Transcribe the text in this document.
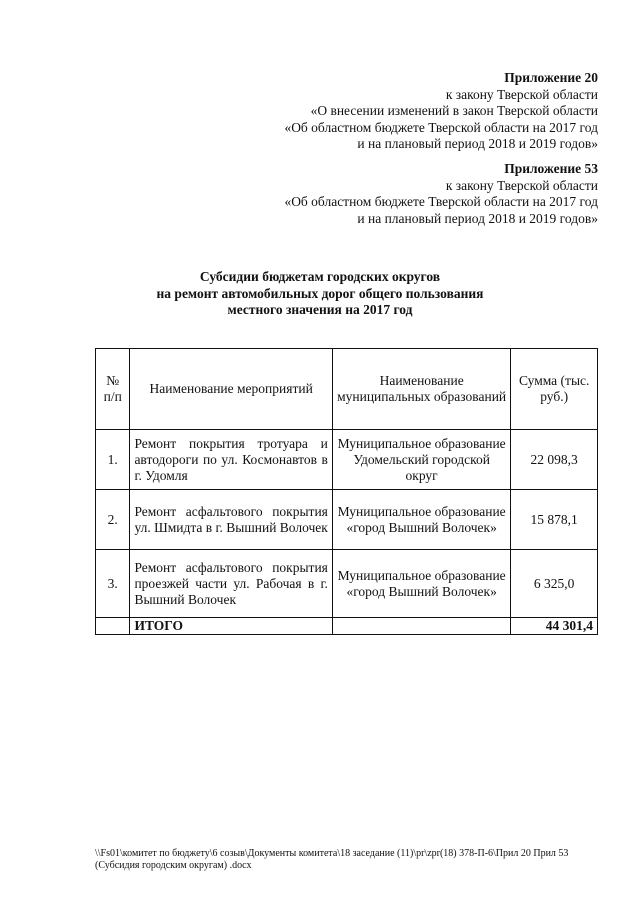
Приложение 20
к закону Тверской области
«О внесении изменений в закон Тверской области
«Об областном бюджете Тверской области на 2017 год
и на плановый период 2018 и 2019 годов»
Приложение 53
к закону Тверской области
«Об областном бюджете Тверской области на 2017 год
и на плановый период 2018 и 2019 годов»
Субсидии бюджетам городских округов
на ремонт автомобильных дорог общего пользования
местного значения на 2017 год
№ п/п	Наименование мероприятий	Наименование муниципальных образований	Сумма (тыс. руб.)
1.	Ремонт покрытия тротуара и автодороги по ул. Космонавтов в г. Удомля	Муниципальное образование Удомельский городской округ	22 098,3
2.	Ремонт асфальтового покрытия ул. Шмидта в г. Вышний Волочек	Муниципальное образование «город Вышний Волочек»	15 878,1
3.	Ремонт асфальтового покрытия проезжей части ул. Рабочая в г. Вышний Волочек	Муниципальное образование «город Вышний Волочек»	6 325,0
	ИТОГО		44 301,4
\\Fs01\комитет по бюджету\6 созыв\Документы комитета\18 заседание (11)\pr\zpr(18) 378-П-6\Прил 20 Прил 53 (Субсидия городским округам) .docx
